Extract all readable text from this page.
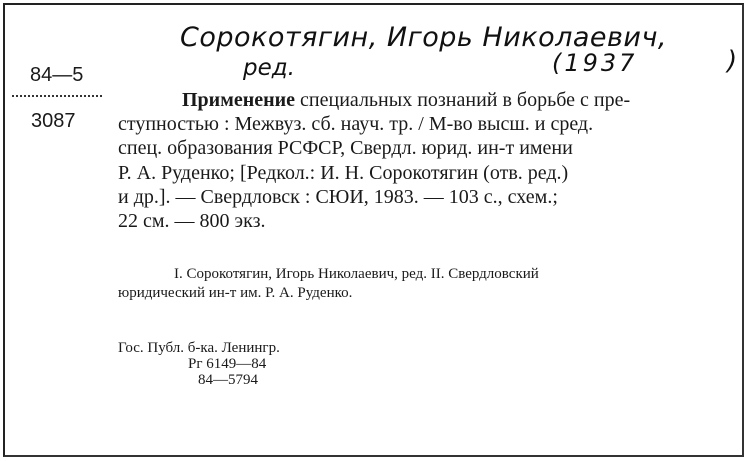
Сорокотягин, Игорь Николаевич,
ред.	(1937	)
84—5
3087
Применение специальных познаний в борьбе с пре-
ступностью : Межвуз. сб. науч. тр. / М-во высш. и сред.
спец. образования РСФСР, Свердл. юрид. ин-т имени
Р. А. Руденко; [Редкол.: И. Н. Сорокотягин (отв. ред.)
и др.]. — Свердловск : СЮИ, 1983. — 103 с., схем.;
22 см. — 800 экз.
I. Сорокотягин, Игорь Николаевич, ред. II. Свердловский
юридический ин-т им. Р. А. Руденко.
Гос. Публ. б-ка. Ленингр.
Рг 6149—84
84—5794
